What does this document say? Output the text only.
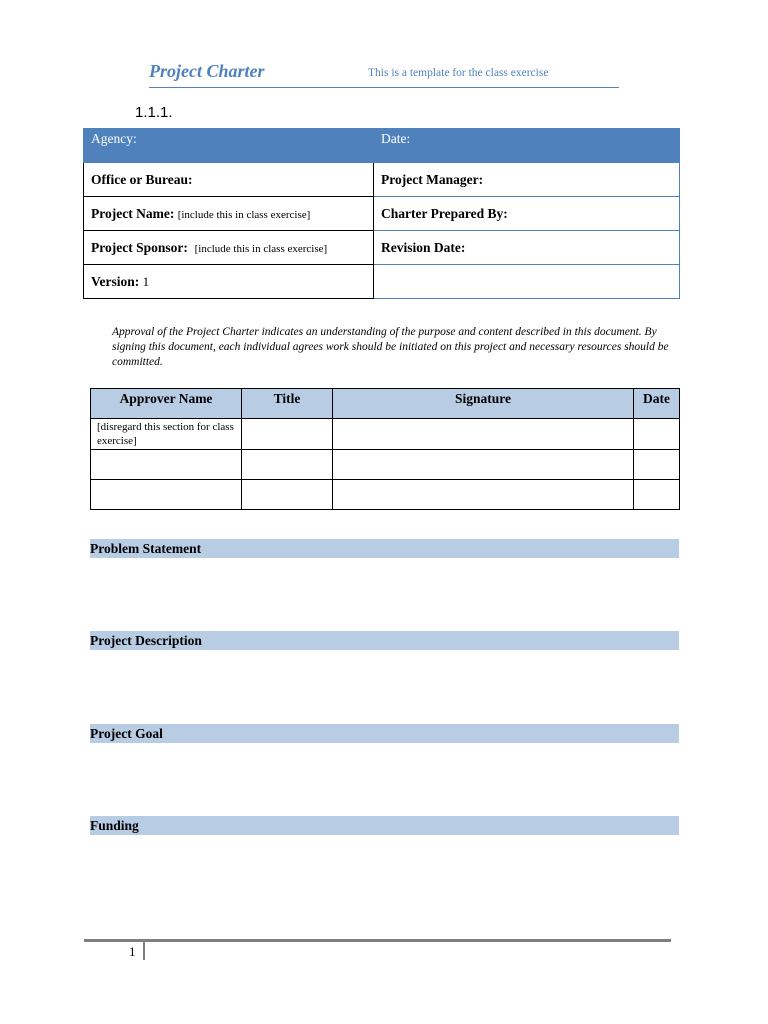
Project Charter	This is a template for the class exercise
1.1.1.
Agency:	Date:

Office or Bureau:	Project Manager:

Project Name: [include this in class exercise]	Charter Prepared By:

Project Sponsor: [include this in class exercise]	Revision Date:

Version: 1	

Approval of the Project Charter indicates an understanding of the purpose and content described in this document. By signing this document, each individual agrees work should be initiated on this project and necessary resources should be committed.
Approver Name	Title	Signature	Date
[disregard this section for class exercise]			

Problem Statement
Project Description
Project Goal
Funding
1
